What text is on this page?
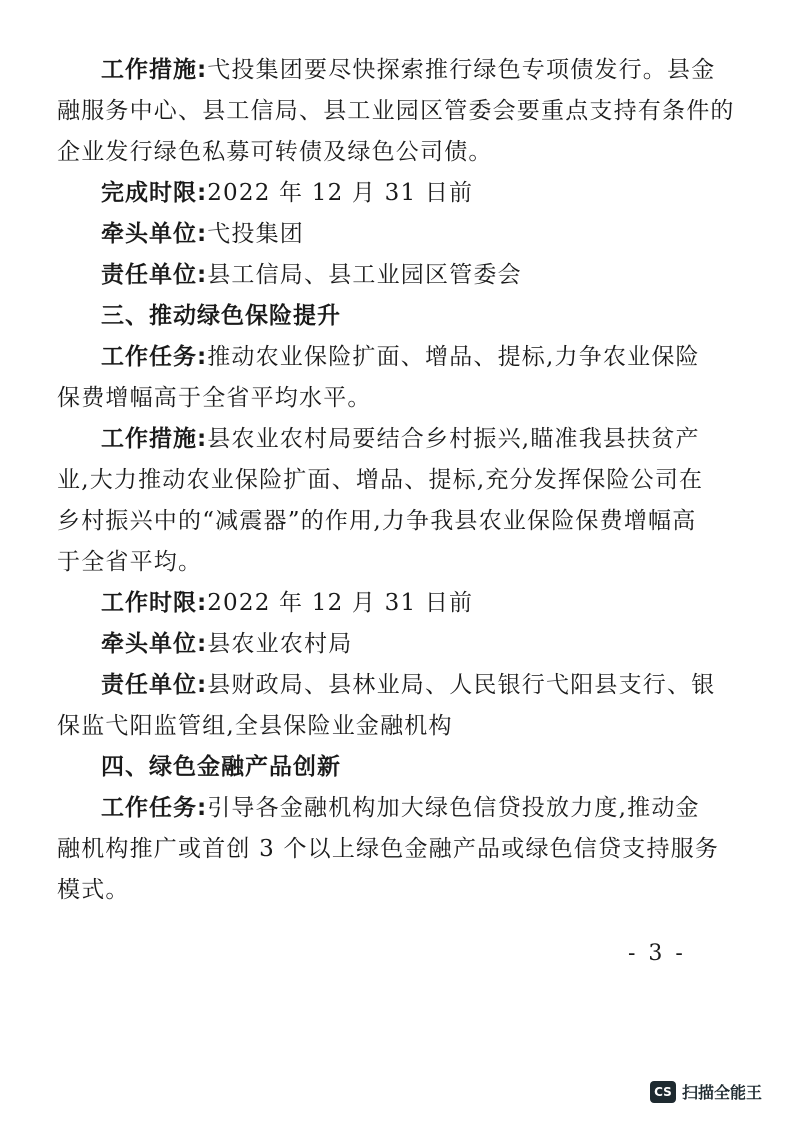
工作措施:弋投集团要尽快探索推行绿色专项债发行。县金
融服务中心、县工信局、县工业园区管委会要重点支持有条件的
企业发行绿色私募可转债及绿色公司债。
完成时限:2022 年 12 月 31 日前
牵头单位:弋投集团
责任单位:县工信局、县工业园区管委会
三、推动绿色保险提升
工作任务:推动农业保险扩面、增品、提标,力争农业保险
保费增幅高于全省平均水平。
工作措施:县农业农村局要结合乡村振兴,瞄准我县扶贫产
业,大力推动农业保险扩面、增品、提标,充分发挥保险公司在
乡村振兴中的“减震器”的作用,力争我县农业保险保费增幅高
于全省平均。
工作时限:2022 年 12 月 31 日前
牵头单位:县农业农村局
责任单位:县财政局、县林业局、人民银行弋阳县支行、银
保监弋阳监管组,全县保险业金融机构
四、绿色金融产品创新
工作任务:引导各金融机构加大绿色信贷投放力度,推动金
融机构推广或首创 3 个以上绿色金融产品或绿色信贷支持服务
模式。
- 3 -
CS 扫描全能王
